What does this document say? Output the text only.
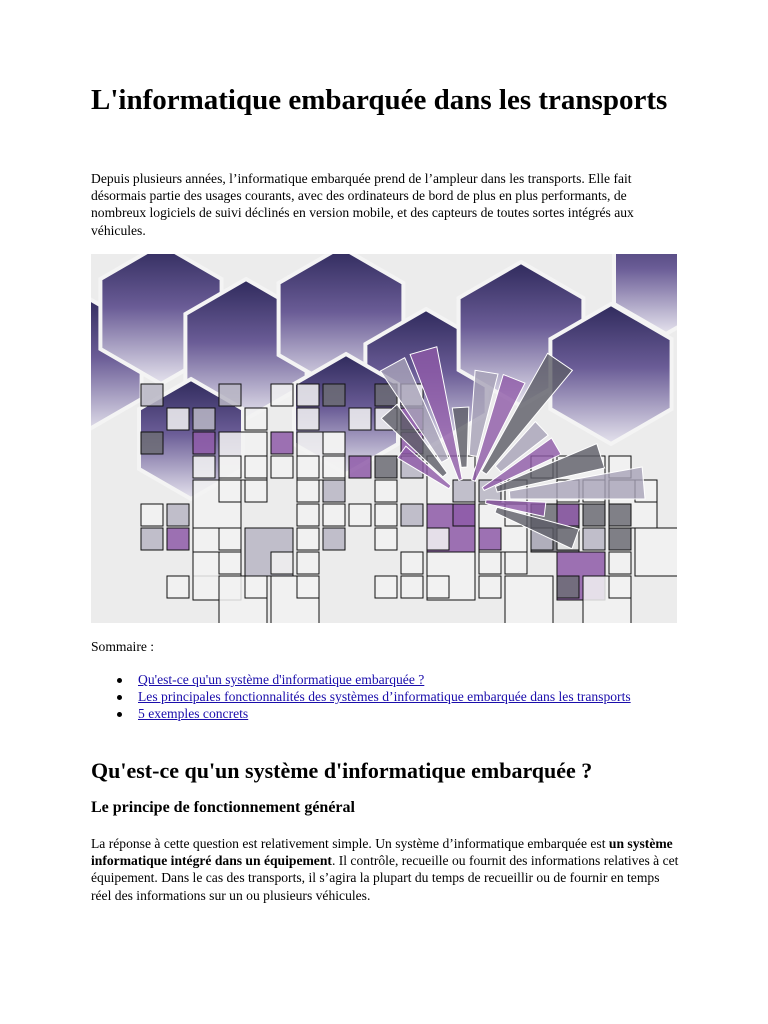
L'informatique embarquée dans les transports

Depuis plusieurs années, l’informatique embarquée prend de l’ampleur dans les transports. Elle fait désormais partie des usages courants, avec des ordinateurs de bord de plus en plus performants, de nombreux logiciels de suivi déclinés en version mobile, et des capteurs de toutes sortes intégrés aux véhicules.

Sommaire :

Qu'est-ce qu'un système d'informatique embarquée ?
Les principales fonctionnalités des systèmes d’informatique embarquée dans les transports
5 exemples concrets
Qu'est-ce qu'un système d'informatique embarquée ?
Le principe de fonctionnement général

La réponse à cette question est relativement simple. Un système d’informatique embarquée est un système informatique intégré dans un équipement. Il contrôle, recueille ou fournit des informations relatives à cet équipement. Dans le cas des transports, il s’agira la plupart du temps de recueillir ou de fournir en temps réel des informations sur un ou plusieurs véhicules.
